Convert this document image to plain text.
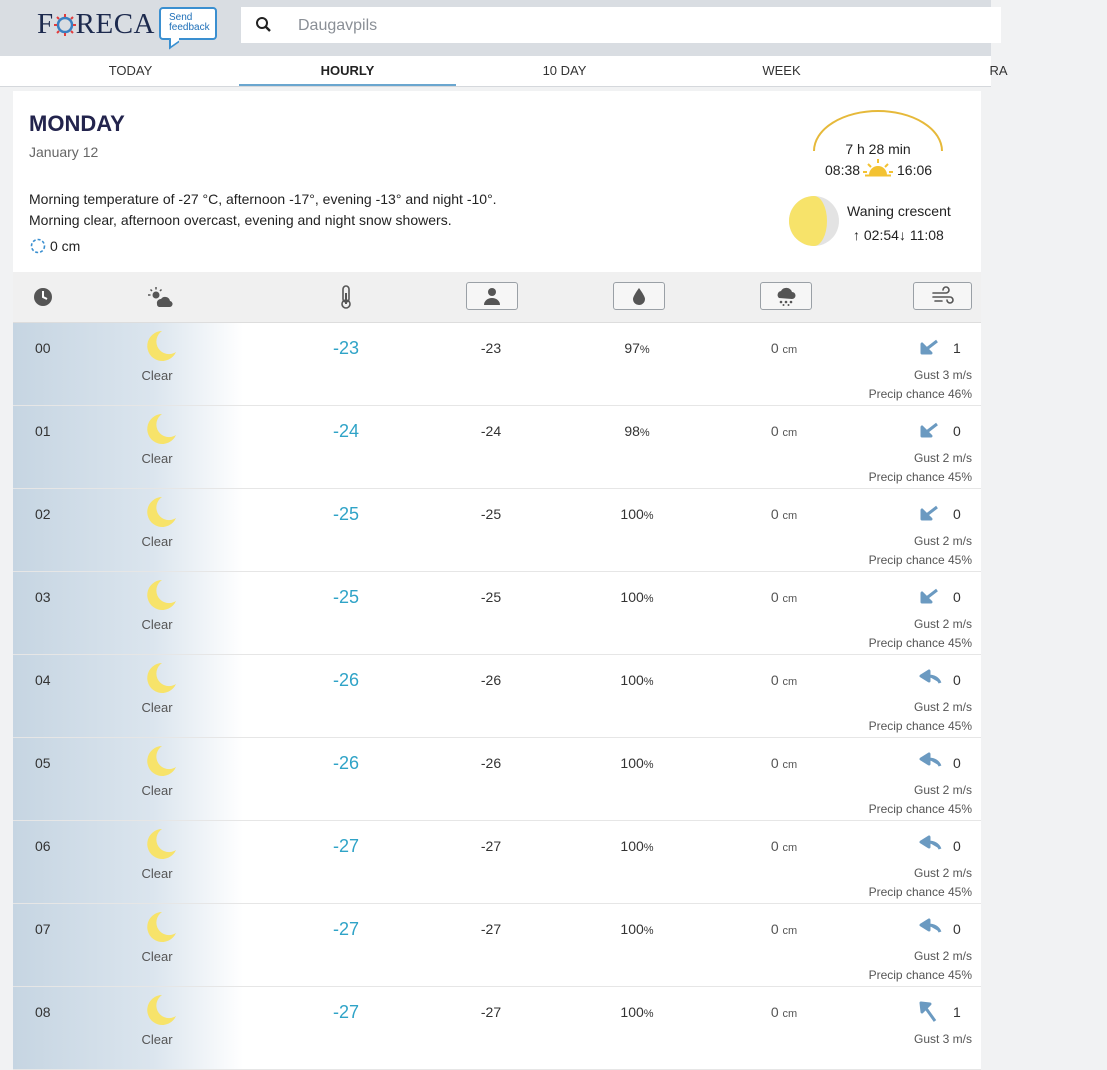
F RECA Send
feedback
Daugavpils
TODAY	HOURLY	10 DAY	WEEK	RA
MONDAY
January 12
Morning temperature of -27 °C, afternoon -17°, evening -13° and night -10°.
Morning clear, afternoon overcast, evening and night snow showers.
0 cm
7 h 28 min
08:38	16:06
Waning crescent
↑ 02:54↓ 11:08
00
Clear
-23	-23	97%	0 cm	1
Gust 3 m/s
Precip chance 46%
01
Clear
-24	-24	98%	0 cm	0
Gust 2 m/s
Precip chance 45%
02
Clear
-25	-25	100%	0 cm	0
Gust 2 m/s
Precip chance 45%
03
Clear
-25	-25	100%	0 cm	0
Gust 2 m/s
Precip chance 45%
04
Clear
-26	-26	100%	0 cm	0
Gust 2 m/s
Precip chance 45%
05
Clear
-26	-26	100%	0 cm	0
Gust 2 m/s
Precip chance 45%
06
Clear
-27	-27	100%	0 cm	0
Gust 2 m/s
Precip chance 45%
07
Clear
-27	-27	100%	0 cm	0
Gust 2 m/s
Precip chance 45%
08
Clear
-27	-27	100%	0 cm	1
Gust 3 m/s
